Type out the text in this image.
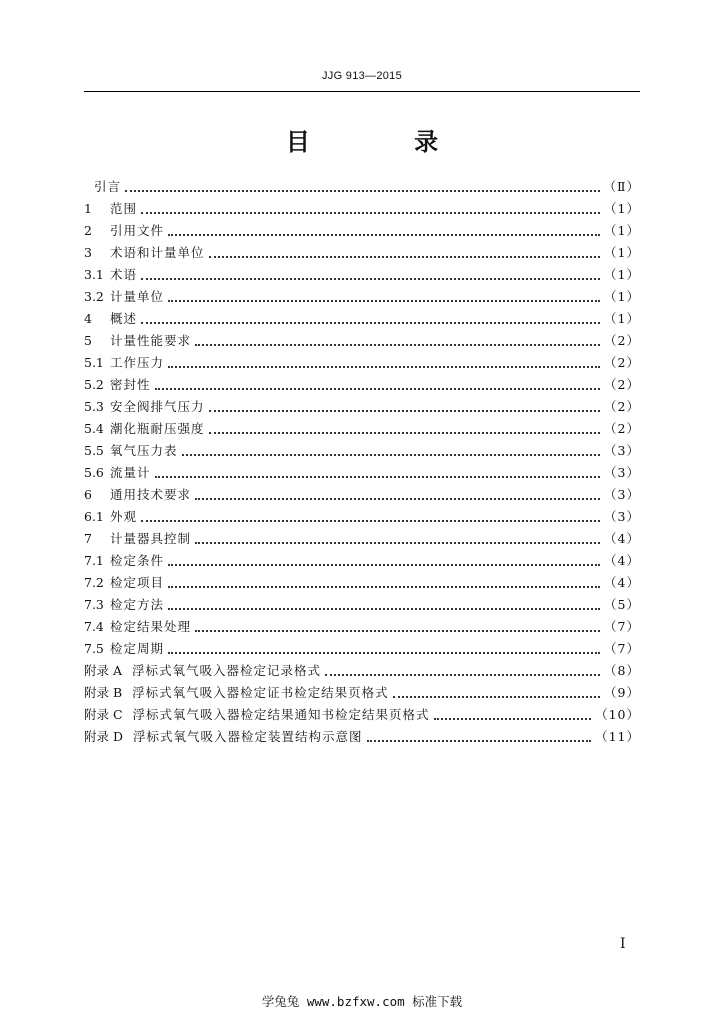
JJG 913—2015
目 录
引言	（Ⅱ）
1	范围	（1）
2	引用文件	（1）
3	术语和计量单位	（1）
3.1 术语	（1）
3.2 计量单位	（1）
4	概述	（1）
5	计量性能要求	（2）
5.1 工作压力	（2）
5.2 密封性	（2）
5.3 安全阀排气压力	（2）
5.4 潮化瓶耐压强度	（2）
5.5 氧气压力表	（3）
5.6 流量计	（3）
6	通用技术要求	（3）
6.1 外观	（3）
7	计量器具控制	（4）
7.1 检定条件	（4）
7.2 检定项目	（4）
7.3 检定方法	（5）
7.4 检定结果处理	（7）
7.5 检定周期	（7）
附录 A 浮标式氧气吸入器检定记录格式	（8）
附录 B 浮标式氧气吸入器检定证书检定结果页格式	（9）
附录 C 浮标式氧气吸入器检定结果通知书检定结果页格式	（10）
附录 D 浮标式氧气吸入器检定装置结构示意图	（11）
I
学兔兔 www.bzfxw.com 标准下载
